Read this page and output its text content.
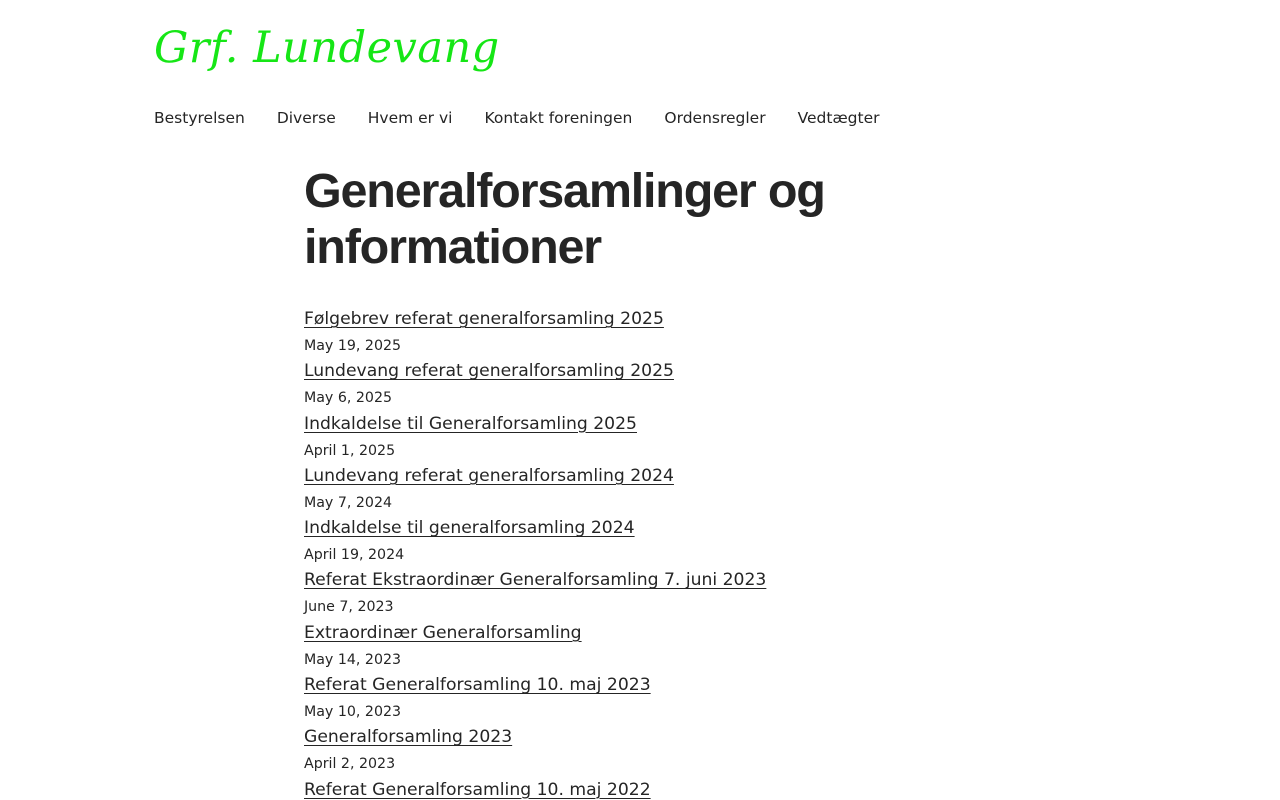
Grf. Lundevang
Bestyrelsen Diverse Hvem er vi Kontakt foreningen Ordensregler Vedtægter
Generalforsamlinger og informationer
Følgebrev referat generalforsamling 2025
May 19, 2025
Lundevang referat generalforsamling 2025
May 6, 2025
Indkaldelse til Generalforsamling 2025
April 1, 2025
Lundevang referat generalforsamling 2024
May 7, 2024
Indkaldelse til generalforsamling 2024
April 19, 2024
Referat Ekstraordinær Generalforsamling 7. juni 2023
June 7, 2023
Extraordinær Generalforsamling
May 14, 2023
Referat Generalforsamling 10. maj 2023
May 10, 2023
Generalforsamling 2023
April 2, 2023
Referat Generalforsamling 10. maj 2022
